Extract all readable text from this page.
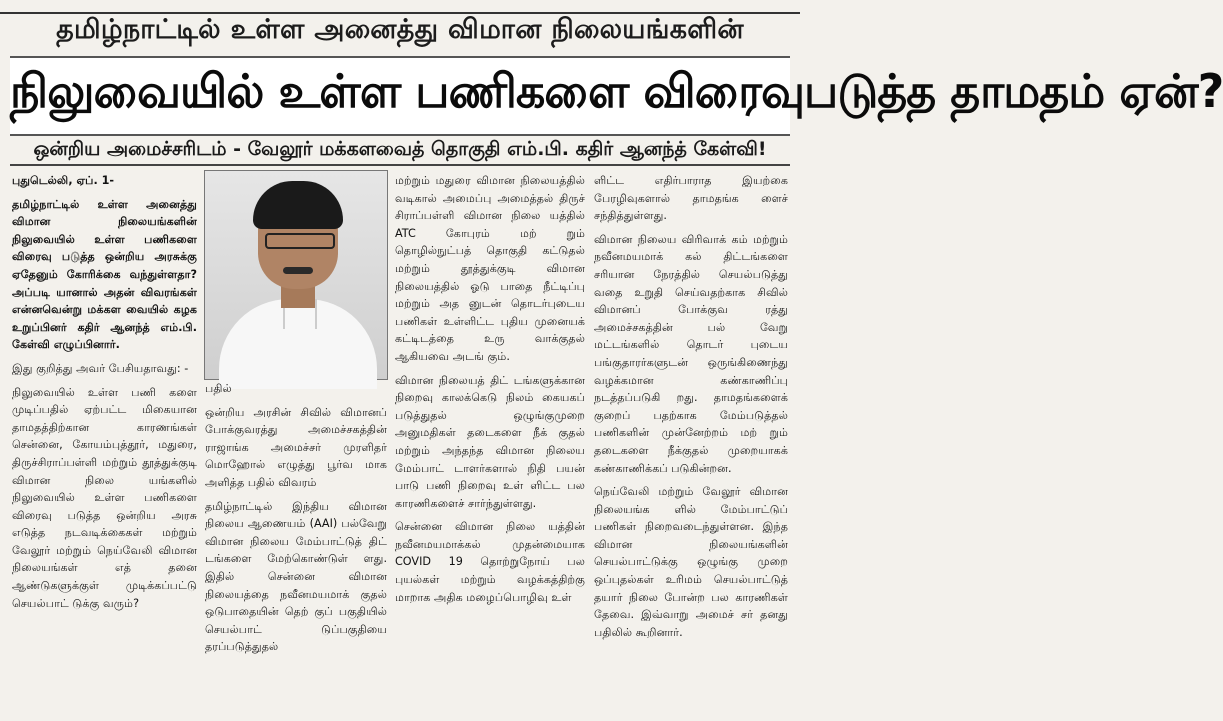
தமிழ்நாட்டில் உள்ள அனைத்து விமான நிலையங்களின்
நிலுவையில் உள்ள பணிகளை விரைவுபடுத்த தாமதம் ஏன்?
ஒன்றிய அமைச்சரிடம் - வேலூர் மக்களவைத் தொகுதி எம்.பி. கதிர் ஆனந்த் கேள்வி!

புதுடெல்லி, ஏப். 1-

தமிழ்நாட்டில் உள்ள அனைத்து விமான நிலையங்களின் நிலுவையில் உள்ள பணிகளை விரைவு படுத்த ஒன்றிய அரசுக்கு ஏதேனும் கோரிக்கை வந்துள்ளதா? அப்படி யானால் அதன் விவரங்கள் என்னவென்று மக்கள வையில் கழக உறுப்பினர் கதிர் ஆனந்த் எம்.பி. கேள்வி எழுப்பினார்.

இது குறித்து அவர் பேசியதாவது: -

நிலுவையில் உள்ள பணி களை முடிப்பதில் ஏற்பட்ட மிகையான தாமதத்திற்கான காரணங்கள் சென்னை, கோயம்புத்தூர், மதுரை, திருச்சிராப்பள்ளி மற்றும் தூத்துக்குடி விமான நிலை யங்களில் நிலுவையில் உள்ள பணிகளை விரைவு படுத்த ஒன்றிய அரசு எடுத்த நடவடிக்கைகள் மற்றும் வேலூர் மற்றும் நெய்வேலி விமான நிலையங்கள் எத் தனை ஆண்டுகளுக்குள் முடிக்கப்பட்டு செயல்பாட் டுக்கு வரும்?

பதில்

ஒன்றிய அரசின் சிவில் விமானப் போக்குவரத்து அமைச்சகத்தின் ராஜாங்க அமைச்சர் முரளிதர் மொஹோல் எழுத்து பூர்வ மாக அளித்த பதில் விவரம்

தமிழ்நாட்டில் இந்திய விமான நிலைய ஆணையம் (AAI) பல்வேறு விமான நிலைய மேம்பாட்டுத் திட் டங்களை மேற்கொண்டுள் ளது. இதில் சென்னை விமான நிலையத்தை நவீனமயமாக் குதல் ஒடுபாதையின் தெற் குப் பகுதியில் செயல்பாட் டுப்பகுதியை தரப்படுத்துதல்

மற்றும் மதுரை விமான நிலையத்தில் வடிகால் அமைப்பு அமைத்தல் திருச் சிராப்பள்ளி விமான நிலை யத்தில் ATC கோபுரம் மற் றும் தொழில்நுட்பத் தொகுதி கட்டுதல் மற்றும் தூத்துக்குடி விமான நிலையத்தில் ஓடு பாதை நீட்டிப்பு மற்றும் அத னுடன் தொடர்புடைய பணிகள் உள்ளிட்ட புதிய முனையக் கட்டிடத்தை உரு வாக்குதல் ஆகியவை அடங் கும்.

விமான நிலையத் திட் டங்களுக்கான நிறைவு காலக்கெடு நிலம் கையகப் படுத்துதல் ஒழுங்குமுறை அனுமதிகள் தடைகளை நீக் குதல் மற்றும் அந்தந்த விமான நிலைய மேம்பாட் டாளர்களால் நிதி பயன் பாடு பணி நிறைவு உள் ளிட்ட பல காரணிகளைச் சார்ந்துள்ளது.

சென்னை விமான நிலை யத்தின் நவீனமயமாக்கல் முதன்மையாக COVID 19 தொற்றுநோய் பல புயல்கள் மற்றும் வழக்கத்திற்கு மாறாக அதிக மழைப்பொழிவு உள்

ளிட்ட எதிர்பாராத இயற்கை பேரழிவுகளால் தாமதங்க ளைச் சந்தித்துள்ளது.

விமான நிலைய விரிவாக் கம் மற்றும் நவீனமயமாக் கல் திட்டங்களை சரியான நேரத்தில் செயல்படுத்து வதை உறுதி செய்வதற்காக சிவில் விமானப் போக்குவ ரத்து அமைச்சகத்தின் பல் வேறு மட்டங்களில் தொடர் புடைய பங்குதாரர்களுடன் ஒருங்கிணைந்து வழக்கமான கண்காணிப்பு நடத்தப்படுகி றது. தாமதங்களைக் குறைப் பதற்காக மேம்படுத்தல் பணிகளின் முன்னேற்றம் மற் றும் தடைகளை நீக்குதல் முறையாகக் கண்காணிக்கப் படுகின்றன.

நெய்வேலி மற்றும் வேலூர் விமான நிலையங்க ளில் மேம்பாட்டுப் பணிகள் நிறைவடைந்துள்ளன. இந்த விமான நிலையங்களின் செயல்பாட்டுக்கு ஒழுங்கு முறை ஒப்புதல்கள் உரிமம் செயல்பாட்டுத் தயார் நிலை போன்ற பல காரணிகள் தேவை. இவ்வாறு அமைச் சர் தனது பதிலில் கூறினார்.
